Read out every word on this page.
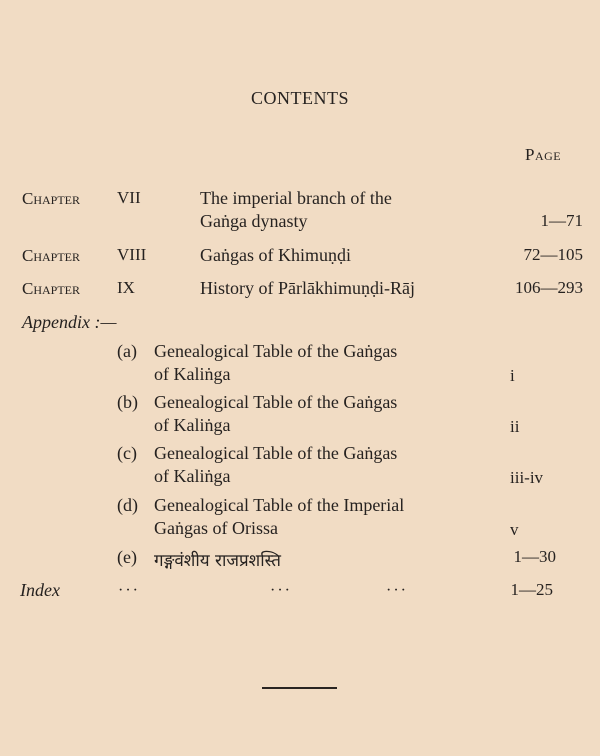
CONTENTS
Page
Chapter VII	The imperial branch of the
Gaṅga dynasty	1—71
Chapter VIII	Gaṅgas of Khimuṇḍi	72—105
Chapter IX	History of Pārlākhimuṇḍi-Rāj	106—293
Appendix :—
(a) Genealogical Table of the Gaṅgas
of Kaliṅga	i
(b) Genealogical Table of the Gaṅgas
of Kaliṅga	ii
(c) Genealogical Table of the Gaṅgas
of Kaliṅga	iii-iv
(d) Genealogical Table of the Imperial
Gaṅgas of Orissa	v
(e) गङ्गवंशीय राजप्रशस्ति	1—30
Index	···	···	···	1—25
